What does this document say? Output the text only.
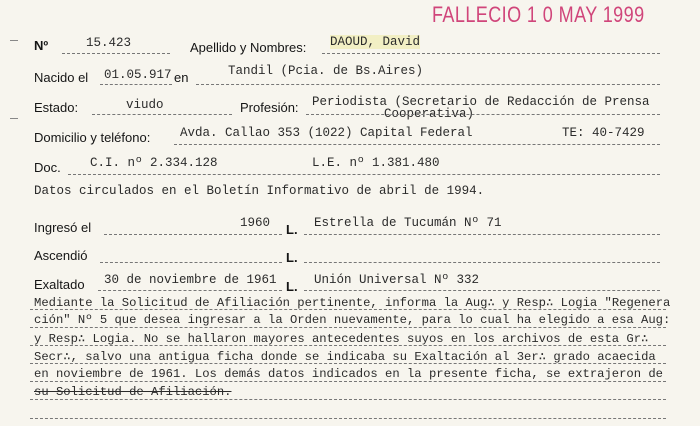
FALLECIO 1 0 MAY 1999
Nº	15.423	Apellido y Nombres: DAOUD, David
Nacido el 01.05.917 en	Tandil (Pcia. de Bs.Aires)
Estado:	viudo	Profesión: Periodista (Secretario de Redacción de Prensa
Cooperativa)
Domicilio y teléfono: Avda. Callao 353 (1022) Capital Federal	TE: 40-7429
Doc. C.I. nº 2.334.128	L.E. nº 1.381.480
Datos circulados en el Boletín Informativo de abril de 1994.
Ingresó el	1960 L. Estrella de Tucumán Nº 71
Ascendió	L.
Exaltado 30 de noviembre de 1961 L. Unión Universal Nº 332
Mediante la Solicitud de Afiliación pertinente, informa la Aug∴ y Resp∴ Logia "Regenera
ción" Nº 5 que desea ingresar a la Orden nuevamente, para lo cual ha elegido a esa Aug:
y Resp∴ Logia. No se hallaron mayores antecedentes suyos en los archivos de esta Gr∴
Secr∴, salvo una antigua ficha donde se indicaba su Exaltación al 3er∴ grado acaecida
en noviembre de 1961. Los demás datos indicados en la presente ficha, se extrajeron de
su Solicitud de Afiliación.
